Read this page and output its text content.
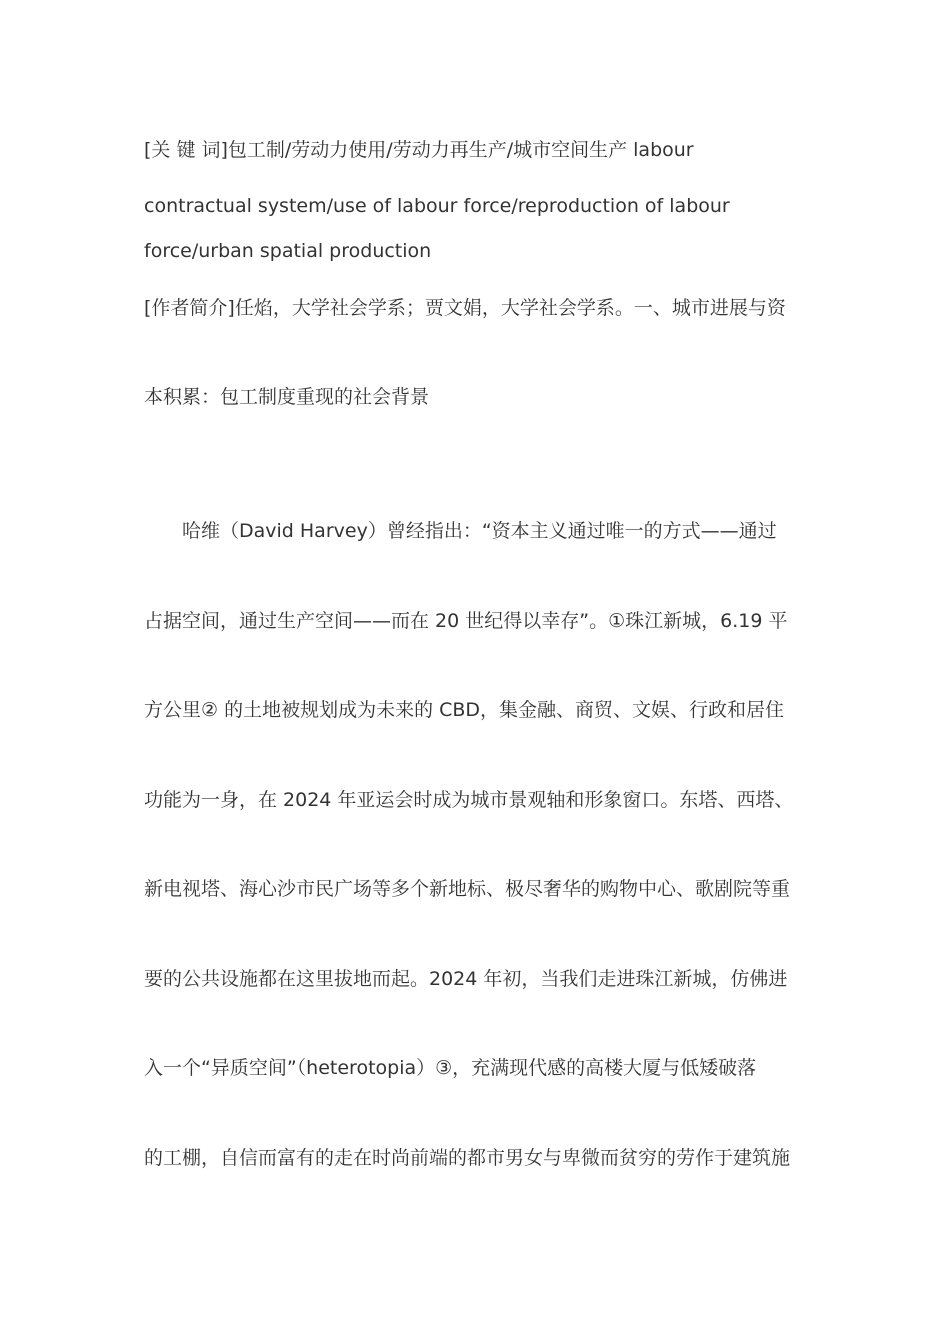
[关 键 词]包工制/劳动力使用/劳动力再生产/城市空间生产 labour
contractual system/use of labour force/reproduction of labour
force/urban spatial production
[作者简介]任焰，大学社会学系；贾文娟，大学社会学系。一、城市进展与资
本积累：包工制度重现的社会背景
哈维（David Harvey）曾经指出：“资本主义通过唯一的方式——通过
占据空间，通过生产空间——而在 20 世纪得以幸存”。①珠江新城，6.19 平
方公里② 的土地被规划成为未来的 CBD，集金融、商贸、文娱、行政和居住
功能为一身，在 2024 年亚运会时成为城市景观轴和形象窗口。东塔、西塔、
新电视塔、海心沙市民广场等多个新地标、极尽奢华的购物中心、歌剧院等重
要的公共设施都在这里拔地而起。2024 年初，当我们走进珠江新城，仿佛进
入一个“异质空间”（heterotopia）③，充满现代感的高楼大厦与低矮破落
的工棚，自信而富有的走在时尚前端的都市男女与卑微而贫穷的劳作于建筑施
